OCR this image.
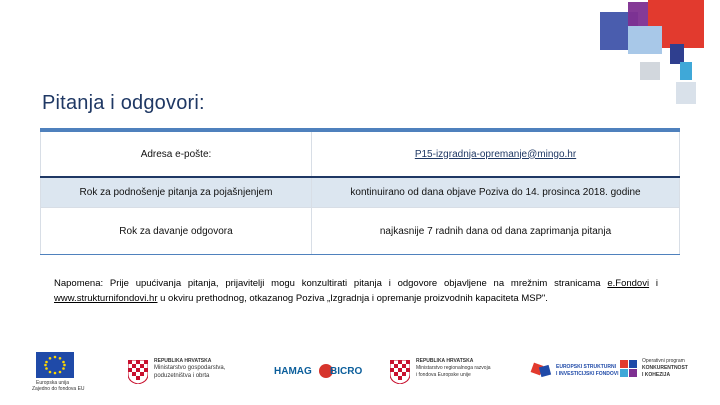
Pitanja i odgovori:
Adresa e-pošte:	P15-izgradnja-opremanje@mingo.hr
Rok za podnošenje pitanja za pojašnjenjem	kontinuirano od dana objave Poziva do 14. prosinca 2018. godine
Rok za davanje odgovora	najkasnije 7 radnih dana od dana zaprimanja pitanja

Napomena: Prije upućivanja pitanja, prijavitelji mogu konzultirati pitanja i odgovore objavljene na mrežnim stranicama e.Fondovi i www.strukturnifondovi.hr u okviru prethodnog, otkazanog Poziva „Izgradnja i opremanje proizvodnih kapaciteta MSP".

Europska unija
Zajedno do fondova EU
REPUBLIKA HRVATSKA
Ministarstvo gospodarstva,
poduzetništva i obrta	HAMAG BICRO
REPUBLIKA HRVATSKA
Ministarstvo regionalnoga razvoja
i fondova Europske unije
EUROPSKI STRUKTURNI
I INVESTICIJSKI FONDOVI
Operativni program
KONKURENTNOST
I KOHEZIJA
